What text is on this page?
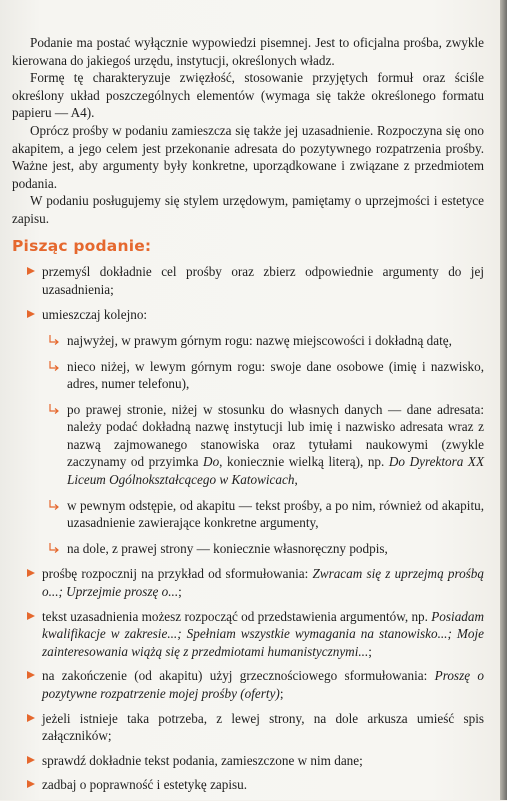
Podanie ma postać wyłącznie wypowiedzi pisemnej. Jest to oficjalna prośba, zwykle kierowana do jakiegoś urzędu, instytucji, określonych władz.

Formę tę charakteryzuje zwięzłość, stosowanie przyjętych formuł oraz ściśle określony układ poszczególnych elementów (wymaga się także określonego formatu papieru — A4).

Oprócz prośby w podaniu zamieszcza się także jej uzasadnienie. Rozpoczyna się ono akapitem, a jego celem jest przekonanie adresata do pozytywnego rozpatrzenia prośby. Ważne jest, aby argumenty były konkretne, uporządkowane i związane z przedmiotem podania.

W podaniu posługujemy się stylem urzędowym, pamiętamy o uprzejmości i estetyce zapisu.

Pisząc podanie:
przemyśl dokładnie cel prośby oraz zbierz odpowiednie argumenty do jej uzasadnienia;
umieszczaj kolejno:
najwyżej, w prawym górnym rogu: nazwę miejscowości i dokładną datę,
nieco niżej, w lewym górnym rogu: swoje dane osobowe (imię i nazwisko, adres, numer telefonu),
po prawej stronie, niżej w stosunku do własnych danych — dane adresata: należy podać dokładną nazwę instytucji lub imię i nazwisko adresata wraz z nazwą zajmowanego stanowiska oraz tytułami naukowymi (zwykle zaczynamy od przyimka Do, koniecznie wielką literą), np. Do Dyrektora XX Liceum Ogólnokształcącego w Katowicach,
w pewnym odstępie, od akapitu — tekst prośby, a po nim, również od akapitu, uzasadnienie zawierające konkretne argumenty,
na dole, z prawej strony — koniecznie własnoręczny podpis,
prośbę rozpocznij na przykład od sformułowania: Zwracam się z uprzejmą prośbą o...; Uprzejmie proszę o...;
tekst uzasadnienia możesz rozpocząć od przedstawienia argumentów, np. Posiadam kwalifikacje w zakresie...; Spełniam wszystkie wymagania na stanowisko...; Moje zainteresowania wiążą się z przedmiotami humanistycznymi...;
na zakończenie (od akapitu) użyj grzecznościowego sformułowania: Proszę o pozytywne rozpatrzenie mojej prośby (oferty);
jeżeli istnieje taka potrzeba, z lewej strony, na dole arkusza umieść spis załączników;
sprawdź dokładnie tekst podania, zamieszczone w nim dane;
zadbaj o poprawność i estetykę zapisu.
